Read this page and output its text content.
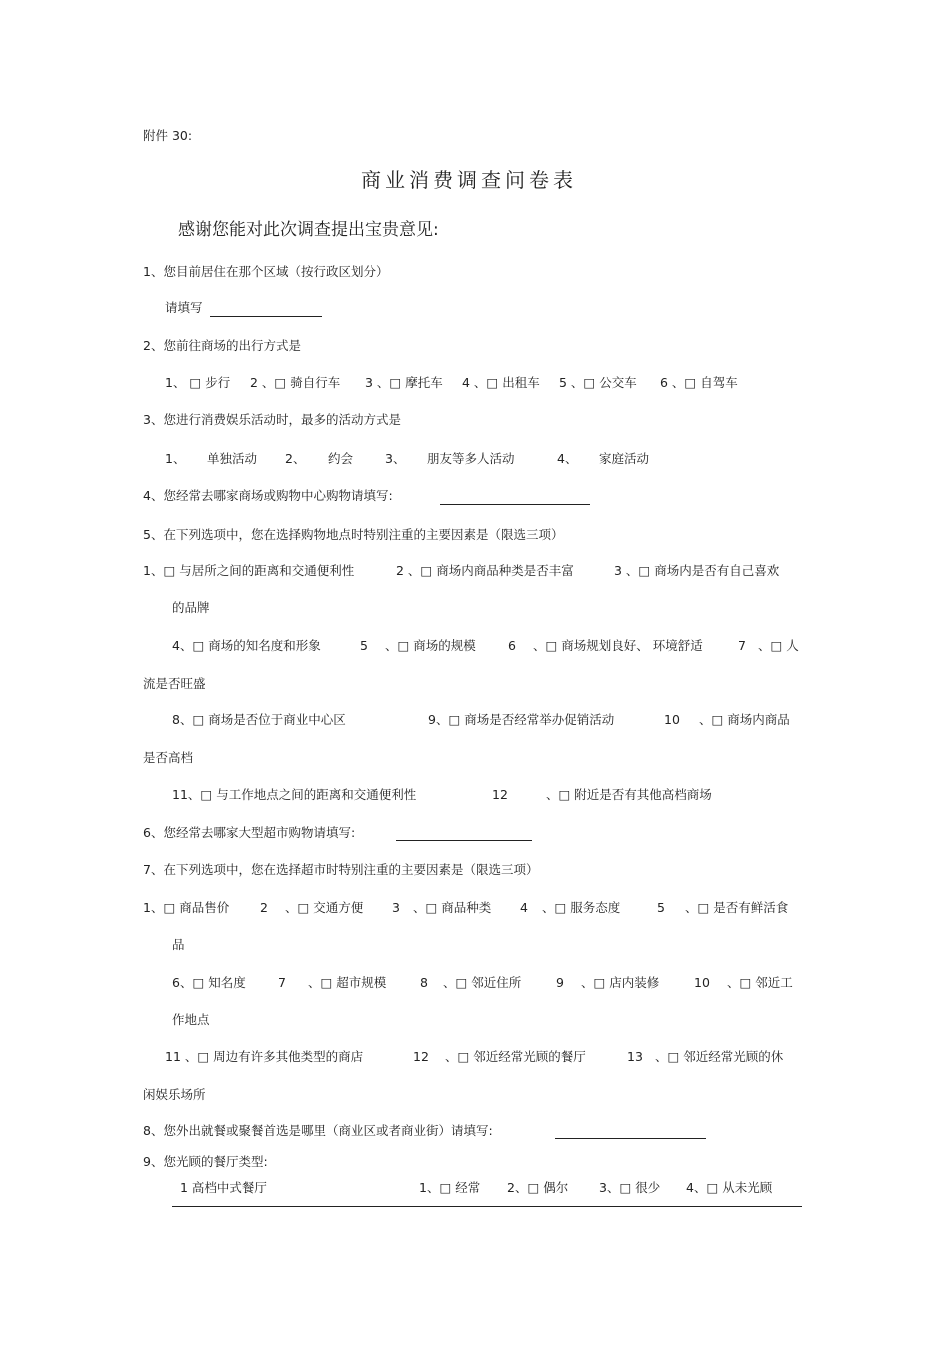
附件 30:
商业消费调查问卷表
感谢您能对此次调查提出宝贵意见:
1、您目前居住在那个区域（按行政区划分）
请填写
2、您前往商场的出行方式是
1、 □ 步行 2 、□ 骑自行车 3 、□ 摩托车 4 、□ 出租车 5 、□ 公交车 6 、□ 自驾车
3、您进行消费娱乐活动时，最多的活动方式是
1、 单独活动 2、 约会	3、 朋友等多人活动	4、 家庭活动
4、您经常去哪家商场或购物中心购物请填写:
5、在下列选项中，您在选择购物地点时特别注重的主要因素是（限选三项）
1、□ 与居所之间的距离和交通便利性	2 、□ 商场内商品种类是否丰富	3 、□ 商场内是否有自己喜欢
的品牌
4、□ 商场的知名度和形象	5 、□ 商场的规模	6 、□ 商场规划良好、 环境舒适	7 、□ 人
流是否旺盛
8、□ 商场是否位于商业中心区	9、□ 商场是否经常举办促销活动	10 、□ 商场内商品
是否高档
11、□ 与工作地点之间的距离和交通便利性	12	、□ 附近是否有其他高档商场
6、您经常去哪家大型超市购物请填写:
7、在下列选项中，您在选择超市时特别注重的主要因素是（限选三项）
1、□ 商品售价 2 、□ 交通方便 3 、□ 商品种类 4 、□ 服务态度	5 、□ 是否有鲜活食
品
6、□ 知名度	7 、□ 超市规模	8 、□ 邻近住所	9 、□ 店内装修	10 、□ 邻近工
作地点
11 、□ 周边有许多其他类型的商店	12 、□ 邻近经常光顾的餐厅	13 、□ 邻近经常光顾的休
闲娱乐场所
8、您外出就餐或聚餐首选是哪里（商业区或者商业街）请填写:
9、您光顾的餐厅类型:
1 高档中式餐厅	1、□ 经常 2、□ 偶尔 3、□ 很少 4、□ 从未光顾
